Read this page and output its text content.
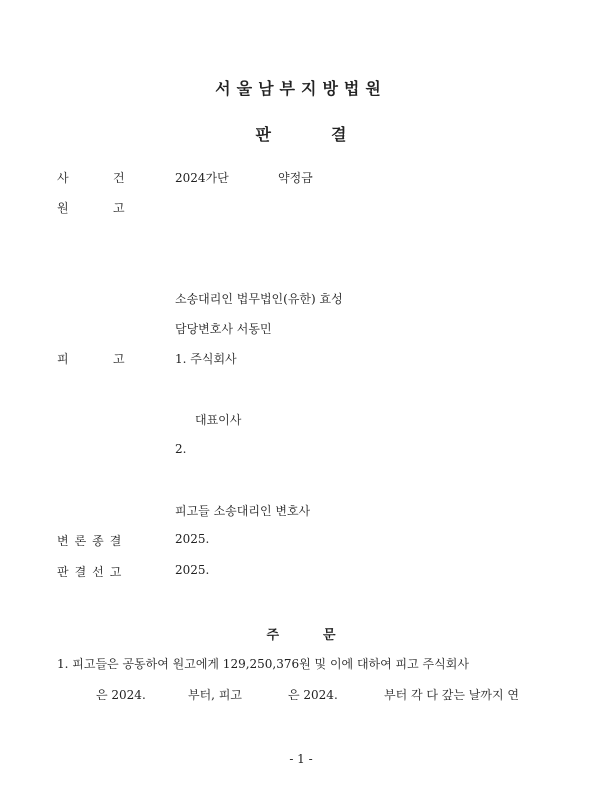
서울남부지방법원
판	결
사	건	2024가단	약정금
원	고
소송대리인 법무법인(유한) 효성
담당변호사 서동민
피	고	1. 주식회사
대표이사
2.
피고들 소송대리인 변호사
변론종결	2025.
판결선고	2025.
주	문
1. 피고들은 공동하여 원고에게 129,250,376원 및 이에 대하여 피고 주식회사
은 2024.	부터, 피고	은 2024.	부터 각 다 갚는 날까지 연
- 1 -
